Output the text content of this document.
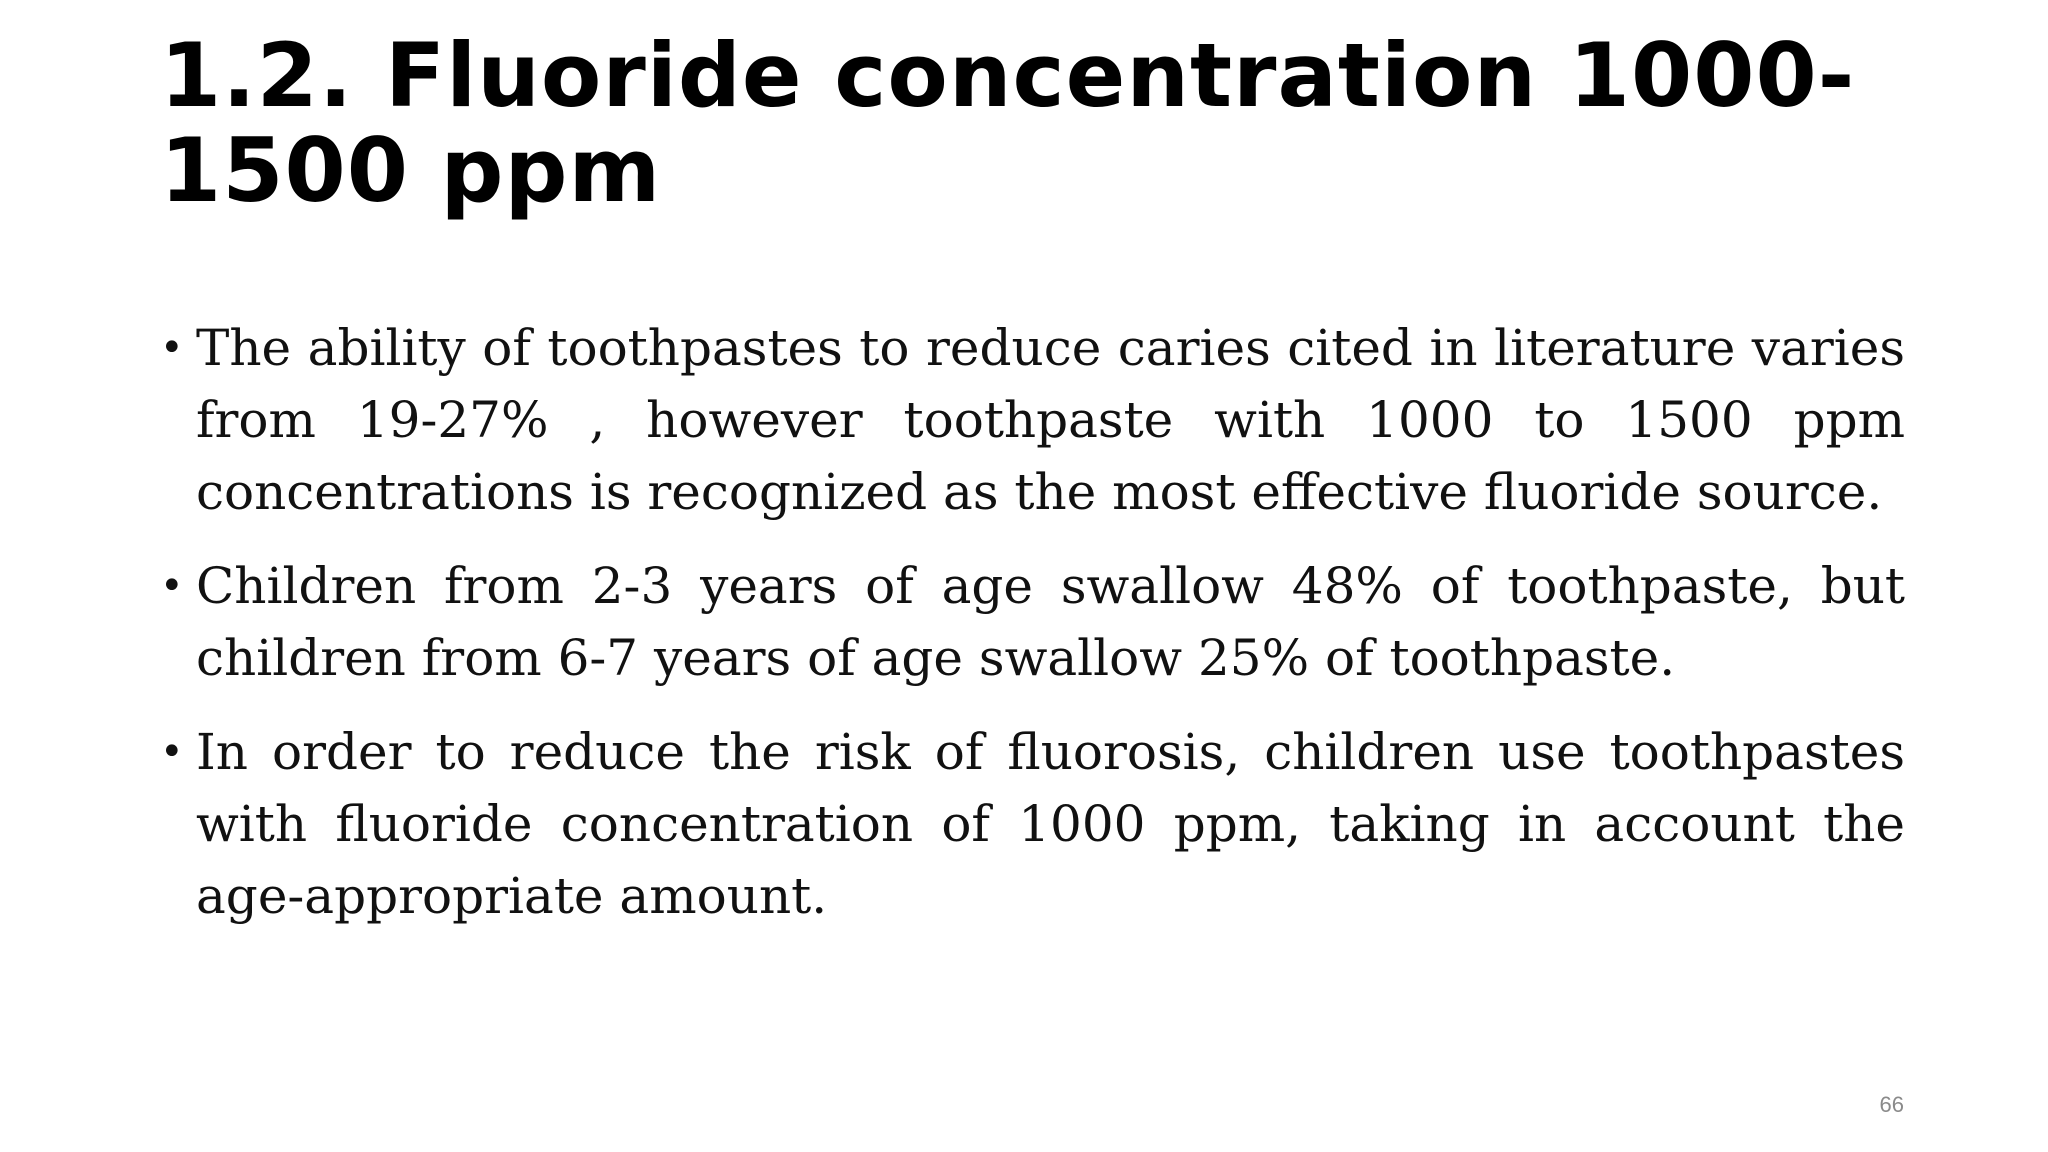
1.2. Fluoride concentration 1000-1500 ppm
• The ability of toothpastes to reduce caries cited in literature varies from 19-27% , however toothpaste with 1000 to 1500 ppm concentrations is recognized as the most effective fluoride source.
• Children from 2-3 years of age swallow 48% of toothpaste, but children from 6-7 years of age swallow 25% of toothpaste.
• In order to reduce the risk of fluorosis, children use toothpastes with fluoride concentration of 1000 ppm, taking in account the age-appropriate amount.
66
